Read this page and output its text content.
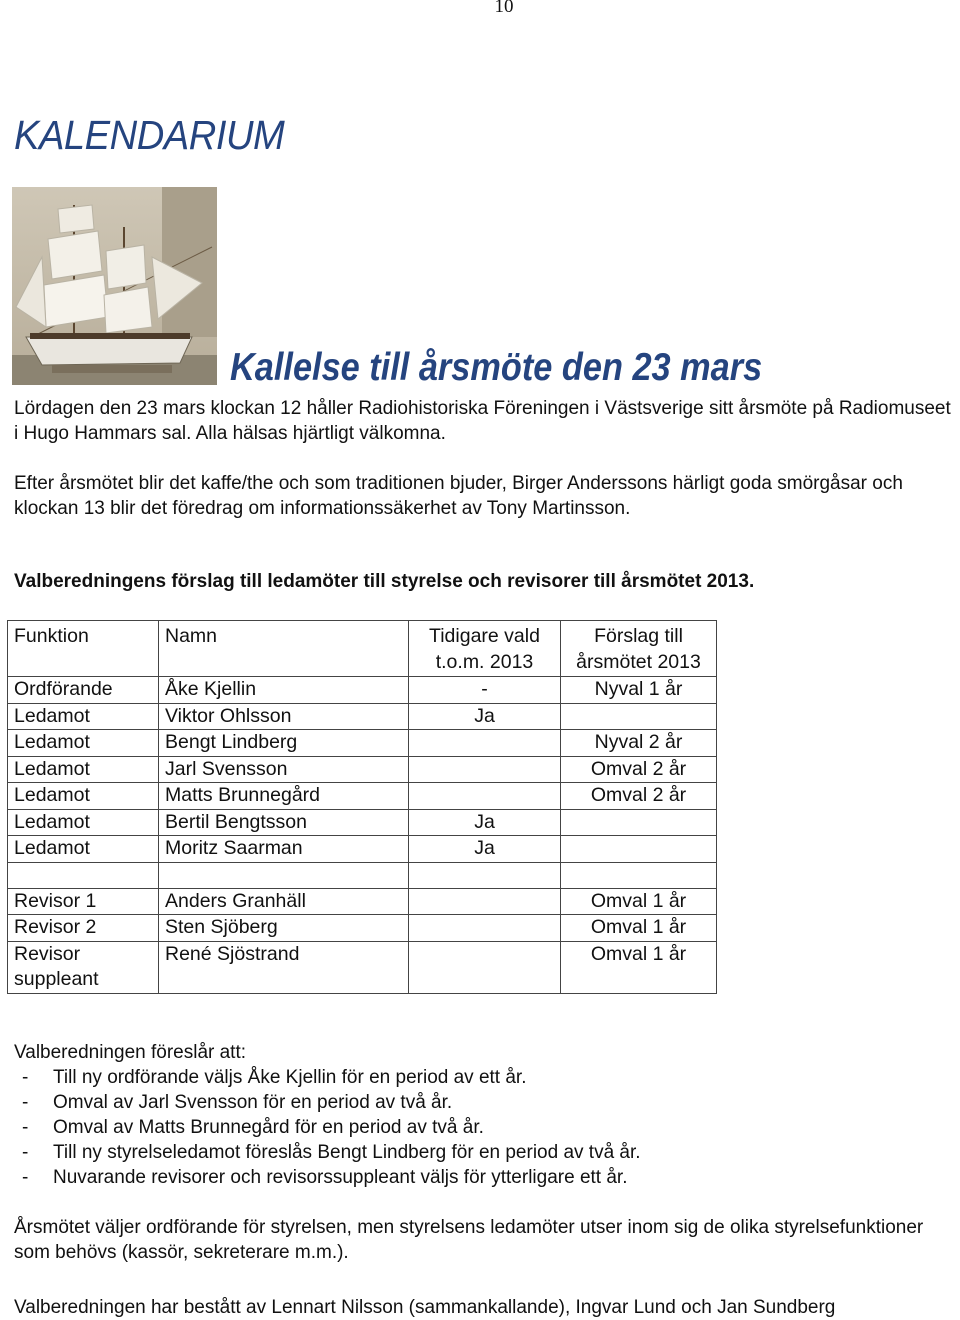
10
KALENDARIUM
Kallelse till årsmöte den 23 mars

Lördagen den 23 mars klockan 12 håller Radiohistoriska Föreningen i Västsverige sitt årsmöte på Radiomuseet i Hugo Hammars sal. Alla hälsas hjärtligt välkomna.

Efter årsmötet blir det kaffe/the och som traditionen bjuder, Birger Anderssons härligt goda smörgåsar och klockan 13 blir det föredrag om informationssäkerhet av Tony Martinsson.

Valberedningens förslag till ledamöter till styrelse och revisorer till årsmötet 2013.

Funktion	Namn	Tidigare vald t.o.m. 2013	Förslag till årsmötet 2013
Ordförande	Åke Kjellin	-	Nyval 1 år
Ledamot	Viktor Ohlsson	Ja	
Ledamot	Bengt Lindberg		Nyval 2 år
Ledamot	Jarl Svensson		Omval 2 år
Ledamot	Matts Brunnegård		Omval 2 år
Ledamot	Bertil Bengtsson	Ja	
Ledamot	Moritz Saarman	Ja	

Revisor 1	Anders Granhäll		Omval 1 år
Revisor 2	Sten Sjöberg		Omval 1 år
Revisor suppleant	René Sjöstrand		Omval 1 år
Valberedningen föreslår att:
- Till ny ordförande väljs Åke Kjellin för en period av ett år.
- Omval av Jarl Svensson för en period av två år.
- Omval av Matts Brunnegård för en period av två år.
- Till ny styrelseledamot föreslås Bengt Lindberg för en period av två år.
- Nuvarande revisorer och revisorssuppleant väljs för ytterligare ett år.

Årsmötet väljer ordförande för styrelsen, men styrelsens ledamöter utser inom sig de olika styrelsefunktioner som behövs (kassör, sekreterare m.m.).

Valberedningen har bestått av Lennart Nilsson (sammankallande), Ingvar Lund och Jan Sundberg
